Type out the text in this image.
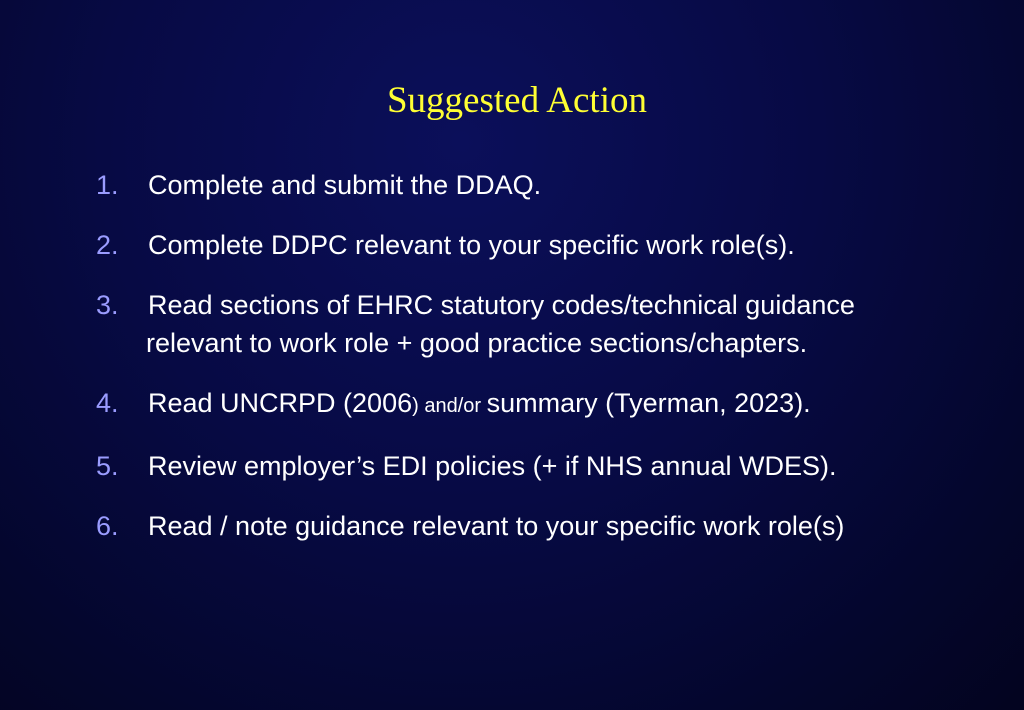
Suggested Action
1. Complete and submit the DDAQ.
2. Complete DDPC relevant to your specific work role(s).
3. Read sections of EHRC statutory codes/technical guidance
relevant to work role + good practice sections/chapters.
4. Read UNCRPD (2006) and/or summary (Tyerman, 2023).
5. Review employer’s EDI policies (+ if NHS annual WDES).
6. Read / note guidance relevant to your specific work role(s)
